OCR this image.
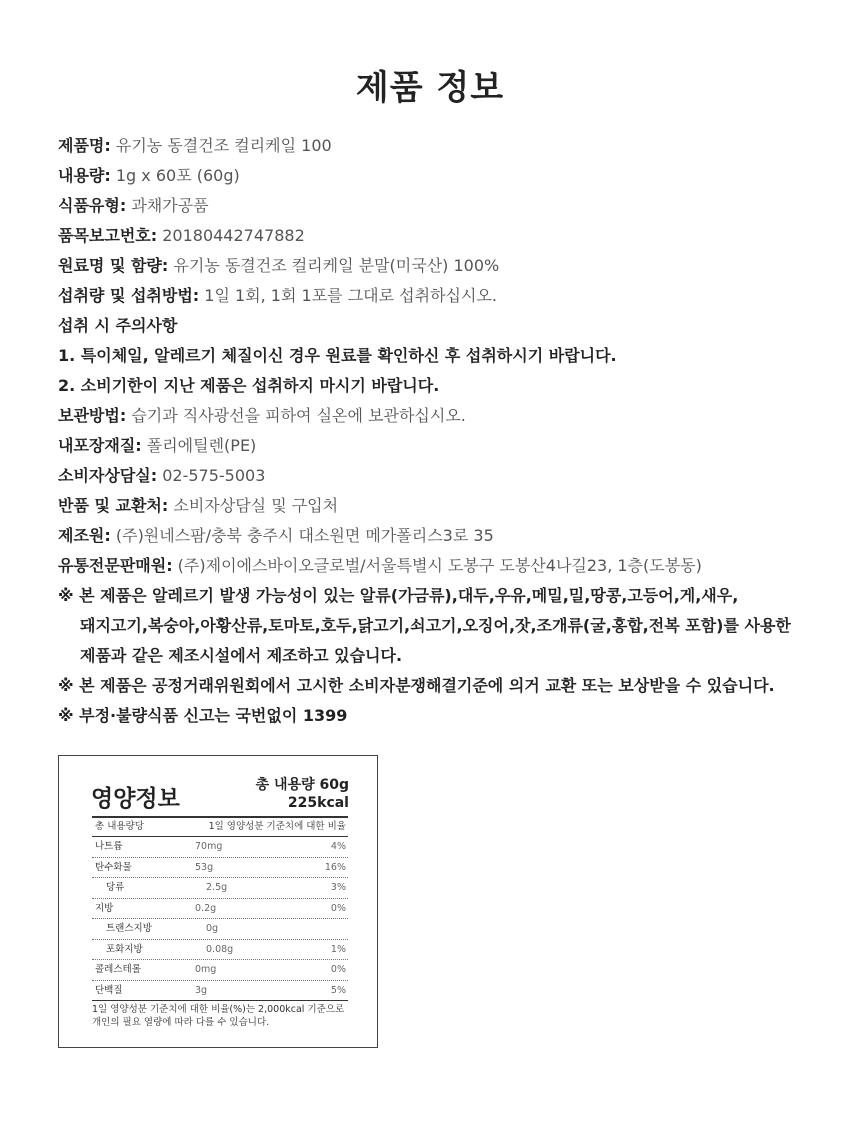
제품 정보
제품명: 유기농 동결건조 컬리케일 100
내용량: 1g x 60포 (60g)
식품유형: 과채가공품
품목보고번호: 20180442747882
원료명 및 함량: 유기농 동결건조 컬리케일 분말(미국산) 100%
섭취량 및 섭취방법: 1일 1회, 1회 1포를 그대로 섭취하십시오.
섭취 시 주의사항
1. 특이체일, 알레르기 체질이신 경우 원료를 확인하신 후 섭취하시기 바랍니다.
2. 소비기한이 지난 제품은 섭취하지 마시기 바랍니다.
보관방법: 습기과 직사광선을 피하여 실온에 보관하십시오.
내포장재질: 폴리에틸렌(PE)
소비자상담실: 02-575-5003
반품 및 교환처: 소비자상담실 및 구입처
제조원: (주)원네스팜/충북 충주시 대소원면 메가폴리스3로 35
유통전문판매원: (주)제이에스바이오글로벌/서울특별시 도봉구 도봉산4나길23, 1층(도봉동)
※ 본 제품은 알레르기 발생 가능성이 있는 알류(가금류),대두,우유,메밀,밀,땅콩,고등어,게,새우,
돼지고기,복숭아,아황산류,토마토,호두,닭고기,쇠고기,오징어,잣,조개류(굴,홍합,전복 포함)를 사용한
제품과 같은 제조시설에서 제조하고 있습니다.
※ 본 제품은 공정거래위원회에서 고시한 소비자분쟁해결기준에 의거 교환 또는 보상받을 수 있습니다.
※ 부정·불량식품 신고는 국번없이 1399
영양정보
총 내용량 60g
225kcal
총 내용량당	1일 영양성분 기준치에 대한 비율
나트륨	70mg	4%
탄수화물	53g	16%
당류	2.5g	3%
지방	0.2g	0%
트랜스지방	0g
포화지방	0.08g	1%
콜레스테롤	0mg	0%
단백질	3g	5%
1일 영양성분 기준치에 대한 비율(%)는 2,000kcal 기준으로
개인의 필요 열량에 따라 다를 수 있습니다.
